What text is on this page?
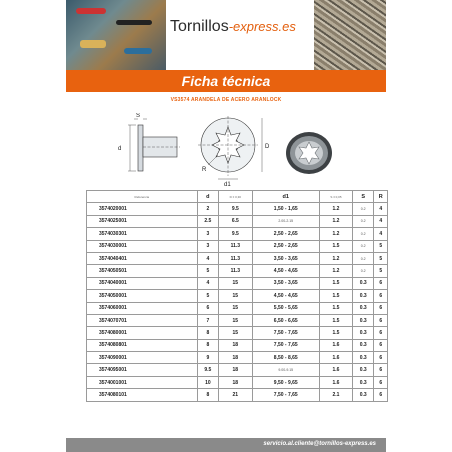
Tornillos-express.es
Ficha técnica
VS3574 ARANDELA DE ACERO ARANLOCK
d
S
D
d1
R
Referencia	d	D ± 0,30	d1	S ± 0,05	S	R
3574020001	2	9.5	1,50 - 1,65	1.2	0.2	4
3574025001	2.5	6.5	2.00-2.15	1.2	0.2	4
3574030301	3	9.5	2,50 - 2,65	1.2	0.2	4
3574030001	3	11.3	2,50 - 2,65	1.5	0.2	5
3574040401	4	11.3	3,50 - 3,65	1.2	0.2	5
3574050501	5	11.3	4,50 - 4,65	1.2	0.2	5
3574040001	4	15	3,50 - 3,65	1.5	0.3	6
3574050001	5	15	4,50 - 4,65	1.5	0.3	6
3574060001	6	15	5,50 - 5,65	1.5	0.3	6
3574070701	7	15	6,50 - 6,65	1.5	0.3	6
3574080001	8	15	7,50 - 7,65	1.5	0.3	6
3574080801	8	18	7,50 - 7,65	1.6	0.3	6
3574090001	9	18	8,50 - 8,65	1.6	0.3	6
3574095001	9.5	18	9.00-9.15	1.6	0.3	6
3574001001	10	18	9,50 - 9,65	1.6	0.3	6
3574080101	8	21	7,50 - 7,65	2.1	0.3	6
servicio.al.cliente@tornillos-express.es
